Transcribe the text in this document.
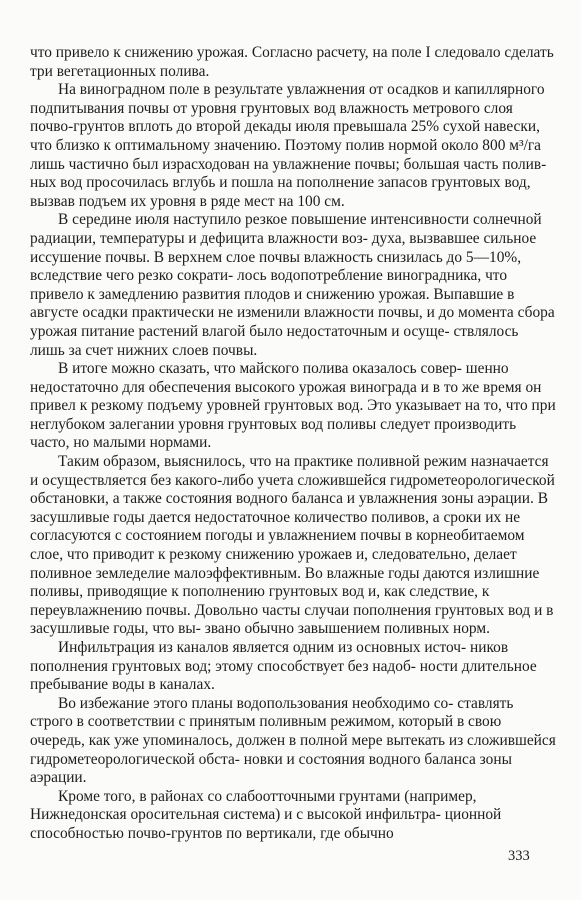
что привело к снижению урожая. Согласно расчету, на поле I следовало сделать три вегетационных полива.

На виноградном поле в результате увлажнения от осадков и капиллярного подпитывания почвы от уровня грунтовых вод влажность метрового слоя почво-грунтов вплоть до второй декады июля превышала 25% сухой навески, что близко к оптимальному значению. Поэтому полив нормой около 800 м³/га лишь частично был израсходован на увлажнение почвы; большая часть полив- ных вод просочилась вглубь и пошла на пополнение запасов грунтовых вод, вызвав подъем их уровня в ряде мест на 100 см.

В середине июля наступило резкое повышение интенсивности солнечной радиации, температуры и дефицита влажности воз- духа, вызвавшее сильное иссушение почвы. В верхнем слое почвы влажность снизилась до 5—10%, вследствие чего резко сократи- лось водопотребление виноградника, что привело к замедлению развития плодов и снижению урожая. Выпавшие в августе осадки практически не изменили влажности почвы, и до момента сбора урожая питание растений влагой было недостаточным и осуще- ствлялось лишь за счет нижних слоев почвы.

В итоге можно сказать, что майского полива оказалось совер- шенно недостаточно для обеспечения высокого урожая винограда и в то же время он привел к резкому подъему уровней грунтовых вод. Это указывает на то, что при неглубоком залегании уровня грунтовых вод поливы следует производить часто, но малыми нормами.

Таким образом, выяснилось, что на практике поливной режим назначается и осуществляется без какого-либо учета сложившейся гидрометеорологической обстановки, а также состояния водного баланса и увлажнения зоны аэрации. В засушливые годы дается недостаточное количество поливов, а сроки их не согласуются с состоянием погоды и увлажнением почвы в корнеобитаемом слое, что приводит к резкому снижению урожаев и, следовательно, делает поливное земледелие малоэффективным. Во влажные годы даются излишние поливы, приводящие к пополнению грунтовых вод и, как следствие, к переувлажнению почвы. Довольно часты случаи пополнения грунтовых вод и в засушливые годы, что вы- звано обычно завышением поливных норм.

Инфильтрация из каналов является одним из основных источ- ников пополнения грунтовых вод; этому способствует без надоб- ности длительное пребывание воды в каналах.

Во избежание этого планы водопользования необходимо со- ставлять строго в соответствии с принятым поливным режимом, который в свою очередь, как уже упоминалось, должен в полной мере вытекать из сложившейся гидрометеорологической обста- новки и состояния водного баланса зоны аэрации.

Кроме того, в районах со слабоотточными грунтами (например, Нижнедонская оросительная система) и с высокой инфильтра- ционной способностью почво-грунтов по вертикали, где обычно

333
